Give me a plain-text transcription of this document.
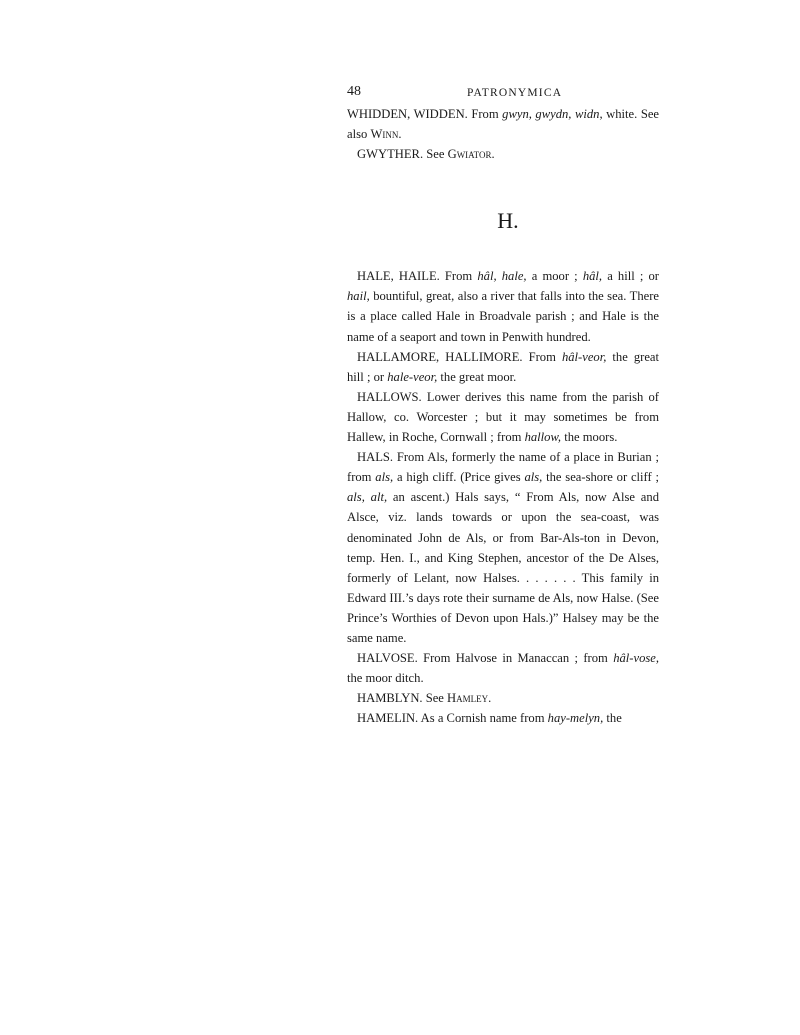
48	PATRONYMICA

WHIDDEN, WIDDEN. From gwyn, gwydn, widn, white. See also Winn.

GWYTHER. See Gwiator.

H.

HALE, HAILE. From hâl, hale, a moor ; hâl, a hill ; or hail, bountiful, great, also a river that falls into the sea. There is a place called Hale in Broadvale parish ; and Hale is the name of a seaport and town in Penwith hundred.

HALLAMORE, HALLIMORE. From hâl-veor, the great hill ; or hale-veor, the great moor.

HALLOWS. Lower derives this name from the parish of Hallow, co. Worcester ; but it may sometimes be from Hallew, in Roche, Cornwall ; from hallow, the moors.

HALS. From Als, formerly the name of a place in Burian ; from als, a high cliff. (Price gives als, the sea-shore or cliff ; als, alt, an ascent.) Hals says, “ From Als, now Alse and Alsce, viz. lands towards or upon the sea-coast, was denominated John de Als, or from Bar-Als-ton in Devon, temp. Hen. I., and King Stephen, ancestor of the De Alses, formerly of Lelant, now Halses. . . . . . . This family in Edward III.’s days rote their surname de Als, now Halse. (See Prince’s Worthies of Devon upon Hals.)” Halsey may be the same name.

HALVOSE. From Halvose in Manaccan ; from hâl-vose, the moor ditch.

HAMBLYN. See Hamley.

HAMELIN. As a Cornish name from hay-melyn, the
